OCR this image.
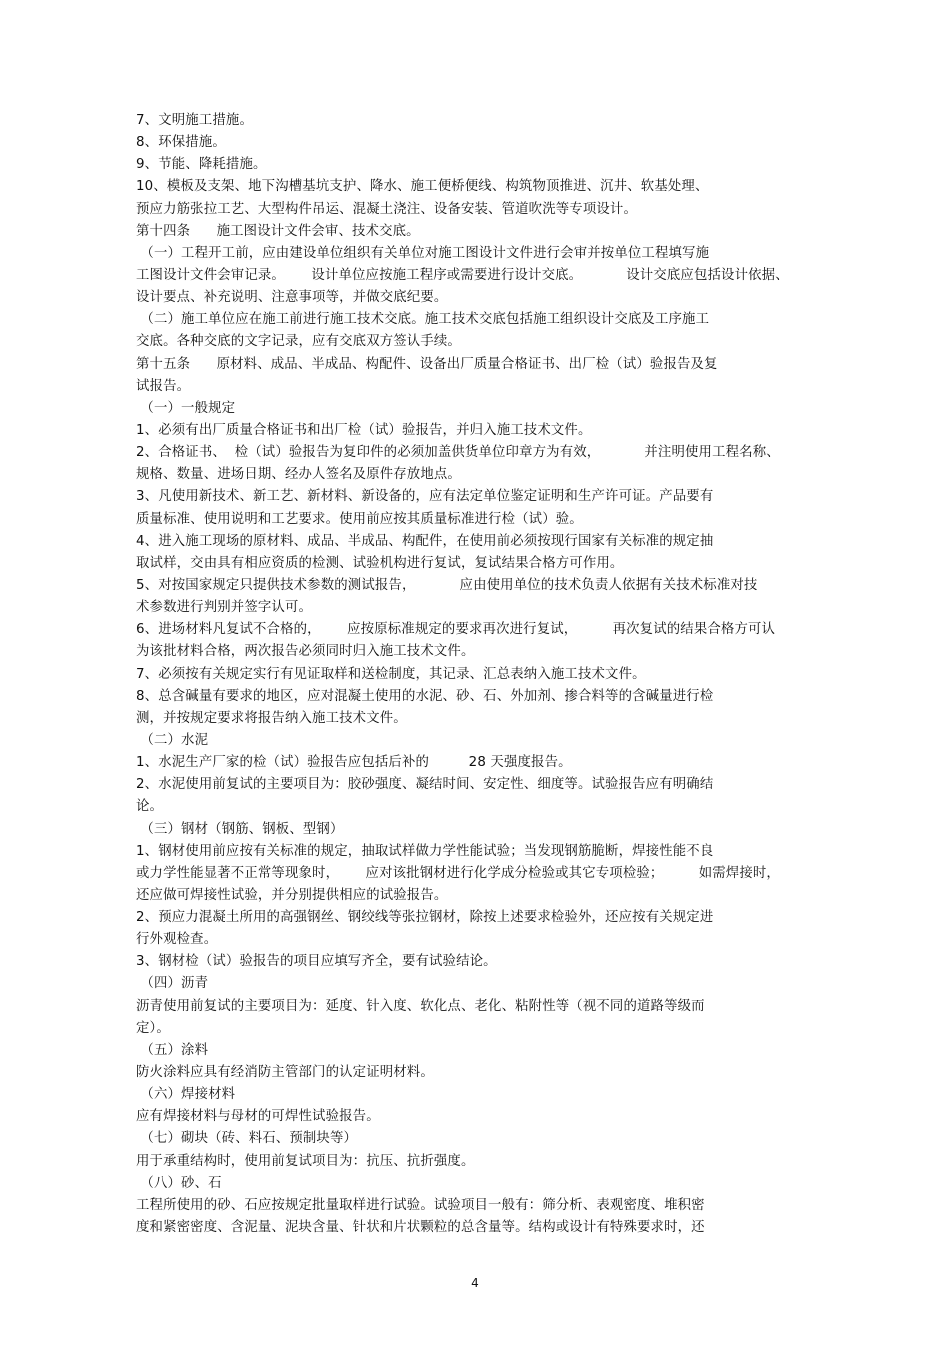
7、文明施工措施。
8、环保措施。
9、节能、降耗措施。
10、模板及支架、地下沟槽基坑支护、降水、施工便桥便线、构筑物顶推进、沉井、软基处理、
预应力筋张拉工艺、大型构件吊运、混凝土浇注、设备安装、管道吹洗等专项设计。
第十四条      施工图设计文件会审、技术交底。
（一）工程开工前，应由建设单位组织有关单位对施工图设计文件进行会审并按单位工程填写施
工图设计文件会审记录。      设计单位应按施工程序或需要进行设计交底。          设计交底应包括设计依据、
设计要点、补充说明、注意事项等，并做交底纪要。
（二）施工单位应在施工前进行施工技术交底。施工技术交底包括施工组织设计交底及工序施工
交底。各种交底的文字记录，应有交底双方签认手续。
第十五条      原材料、成品、半成品、构配件、设备出厂质量合格证书、出厂检（试）验报告及复
试报告。
（一）一般规定
1、必须有出厂质量合格证书和出厂检（试）验报告，并归入施工技术文件。
2、合格证书、  检（试）验报告为复印件的必须加盖供货单位印章方为有效，          并注明使用工程名称、
规格、数量、进场日期、经办人签名及原件存放地点。
3、凡使用新技术、新工艺、新材料、新设备的，应有法定单位鉴定证明和生产许可证。产品要有
质量标准、使用说明和工艺要求。使用前应按其质量标准进行检（试）验。
4、进入施工现场的原材料、成品、半成品、构配件，在使用前必须按现行国家有关标准的规定抽
取试样，交由具有相应资质的检测、试验机构进行复试，复试结果合格方可作用。
5、对按国家规定只提供技术参数的测试报告，          应由使用单位的技术负责人依据有关技术标准对技
术参数进行判别并签字认可。
6、进场材料凡复试不合格的，      应按原标准规定的要求再次进行复试，        再次复试的结果合格方可认
为该批材料合格，两次报告必须同时归入施工技术文件。
7、必须按有关规定实行有见证取样和送检制度，其记录、汇总表纳入施工技术文件。
8、总含碱量有要求的地区，应对混凝土使用的水泥、砂、石、外加剂、掺合料等的含碱量进行检
测，并按规定要求将报告纳入施工技术文件。
（二）水泥
1、水泥生产厂家的检（试）验报告应包括后补的         28 天强度报告。
2、水泥使用前复试的主要项目为：胶砂强度、凝结时间、安定性、细度等。试验报告应有明确结
论。
（三）钢材（钢筋、钢板、型钢）
1、钢材使用前应按有关标准的规定，抽取试样做力学性能试验；当发现钢筋脆断，焊接性能不良
或力学性能显著不正常等现象时，      应对该批钢材进行化学成分检验或其它专项检验；        如需焊接时，
还应做可焊接性试验，并分别提供相应的试验报告。
2、预应力混凝土所用的高强钢丝、钢绞线等张拉钢材，除按上述要求检验外，还应按有关规定进
行外观检查。
3、钢材检（试）验报告的项目应填写齐全，要有试验结论。
（四）沥青
沥青使用前复试的主要项目为：延度、针入度、软化点、老化、粘附性等（视不同的道路等级而
定）。
（五）涂料
防火涂料应具有经消防主管部门的认定证明材料。
（六）焊接材料
应有焊接材料与母材的可焊性试验报告。
（七）砌块（砖、料石、预制块等）
用于承重结构时，使用前复试项目为：抗压、抗折强度。
（八）砂、石
工程所使用的砂、石应按规定批量取样进行试验。试验项目一般有：筛分析、表观密度、堆积密
度和紧密密度、含泥量、泥块含量、针状和片状颗粒的总含量等。结构或设计有特殊要求时，还
4
